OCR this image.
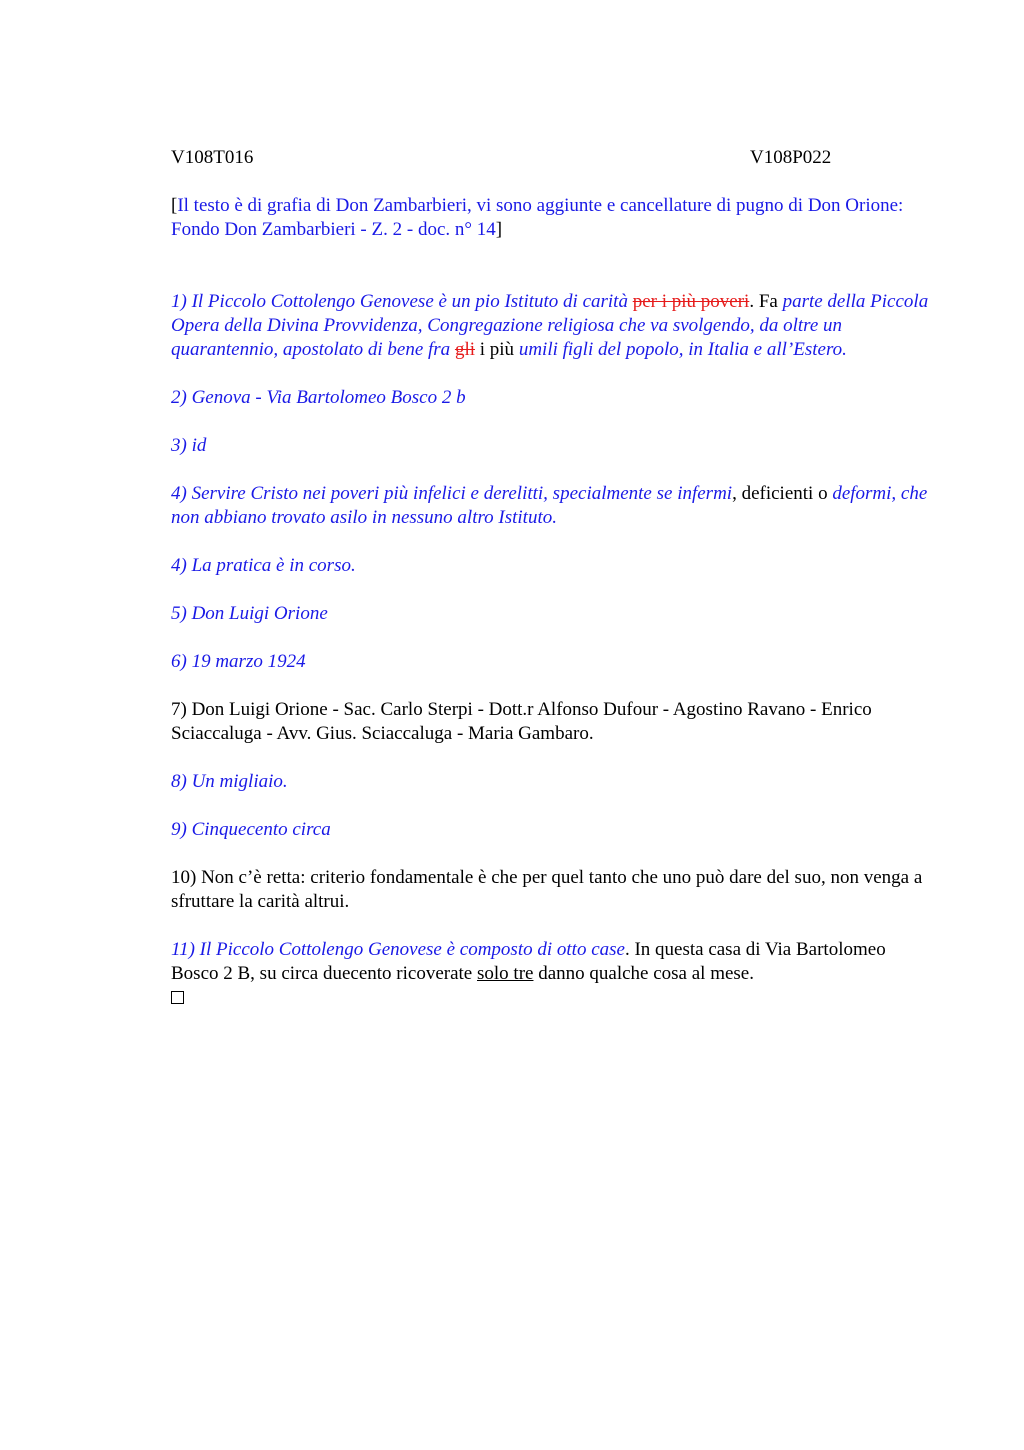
V108T016	V108P022

[Il testo è di grafia di Don Zambarbieri, vi sono aggiunte e cancellature di pugno di Don Orione: Fondo Don Zambarbieri - Z. 2 - doc. n° 14]

1) Il Piccolo Cottolengo Genovese è un pio Istituto di carità per i più poveri. Fa parte della Piccola Opera della Divina Provvidenza, Congregazione religiosa che va svolgendo, da oltre un quarantennio, apostolato di bene fra gli i più umili figli del popolo, in Italia e all’Estero.

2) Genova - Via Bartolomeo Bosco 2 b

3) id

4) Servire Cristo nei poveri più infelici e derelitti, specialmente se infermi, deficienti o deformi, che non abbiano trovato asilo in nessuno altro Istituto.

4) La pratica è in corso.

5) Don Luigi Orione

6) 19 marzo 1924

7) Don Luigi Orione - Sac. Carlo Sterpi - Dott.r Alfonso Dufour - Agostino Ravano - Enrico Sciaccaluga - Avv. Gius. Sciaccaluga - Maria Gambaro.

8) Un migliaio.

9) Cinquecento circa

10) Non c’è retta: criterio fondamentale è che per quel tanto che uno può dare del suo, non venga a sfruttare la carità altrui.

11) Il Piccolo Cottolengo Genovese è composto di otto case. In questa casa di Via Bartolomeo Bosco 2 B, su circa duecento ricoverate solo tre danno qualche cosa al mese.
